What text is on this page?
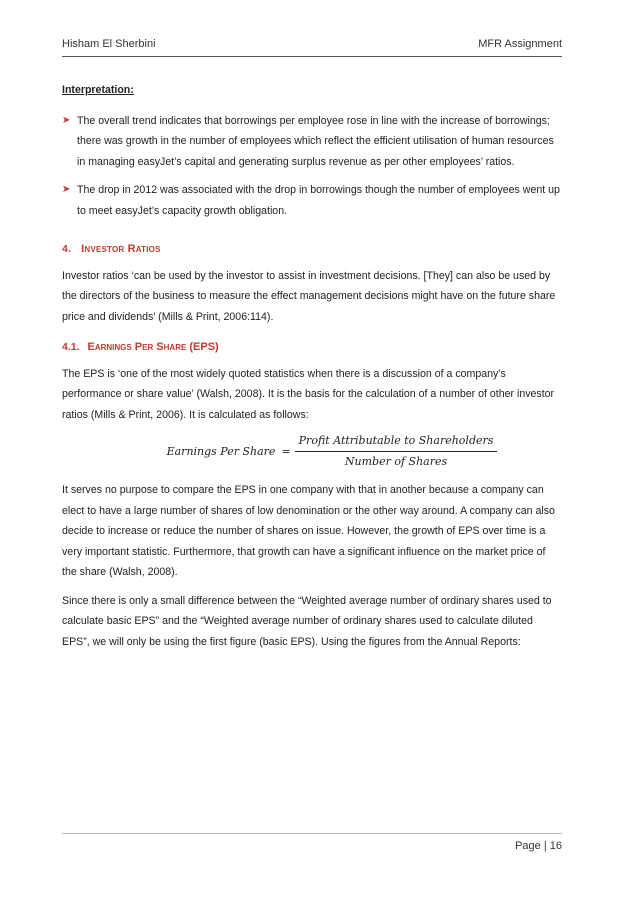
Hisham El Sherbini	MFR Assignment
Interpretation:
➤ The overall trend indicates that borrowings per employee rose in line with the increase of borrowings; there was growth in the number of employees which reflect the efficient utilisation of human resources in managing easyJet’s capital and generating surplus revenue as per other employees’ ratios.
➤ The drop in 2012 was associated with the drop in borrowings though the number of employees went up to meet easyJet’s capacity growth obligation.
4. Investor Ratios

Investor ratios ‘can be used by the investor to assist in investment decisions. [They] can also be used by the directors of the business to measure the effect management decisions might have on the future share price and dividends’ (Mills & Print, 2006:114).

4.1. Earnings Per Share (EPS)

The EPS is ‘one of the most widely quoted statistics when there is a discussion of a company’s performance or share value’ (Walsh, 2008). It is the basis for the calculation of a number of other investor ratios (Mills & Print, 2006). It is calculated as follows:

Earnings Per Share = $\frac{\text{Profit Attributable to Shareholders}}{\text{Number of Shares}}$

It serves no purpose to compare the EPS in one company with that in another because a company can elect to have a large number of shares of low denomination or the other way around. A company can also decide to increase or reduce the number of shares on issue. However, the growth of EPS over time is a very important statistic. Furthermore, that growth can have a significant influence on the market price of the share (Walsh, 2008).

Since there is only a small difference between the “Weighted average number of ordinary shares used to calculate basic EPS” and the “Weighted average number of ordinary shares used to calculate diluted EPS”, we will only be using the first figure (basic EPS). Using the figures from the Annual Reports:

Page | 16
